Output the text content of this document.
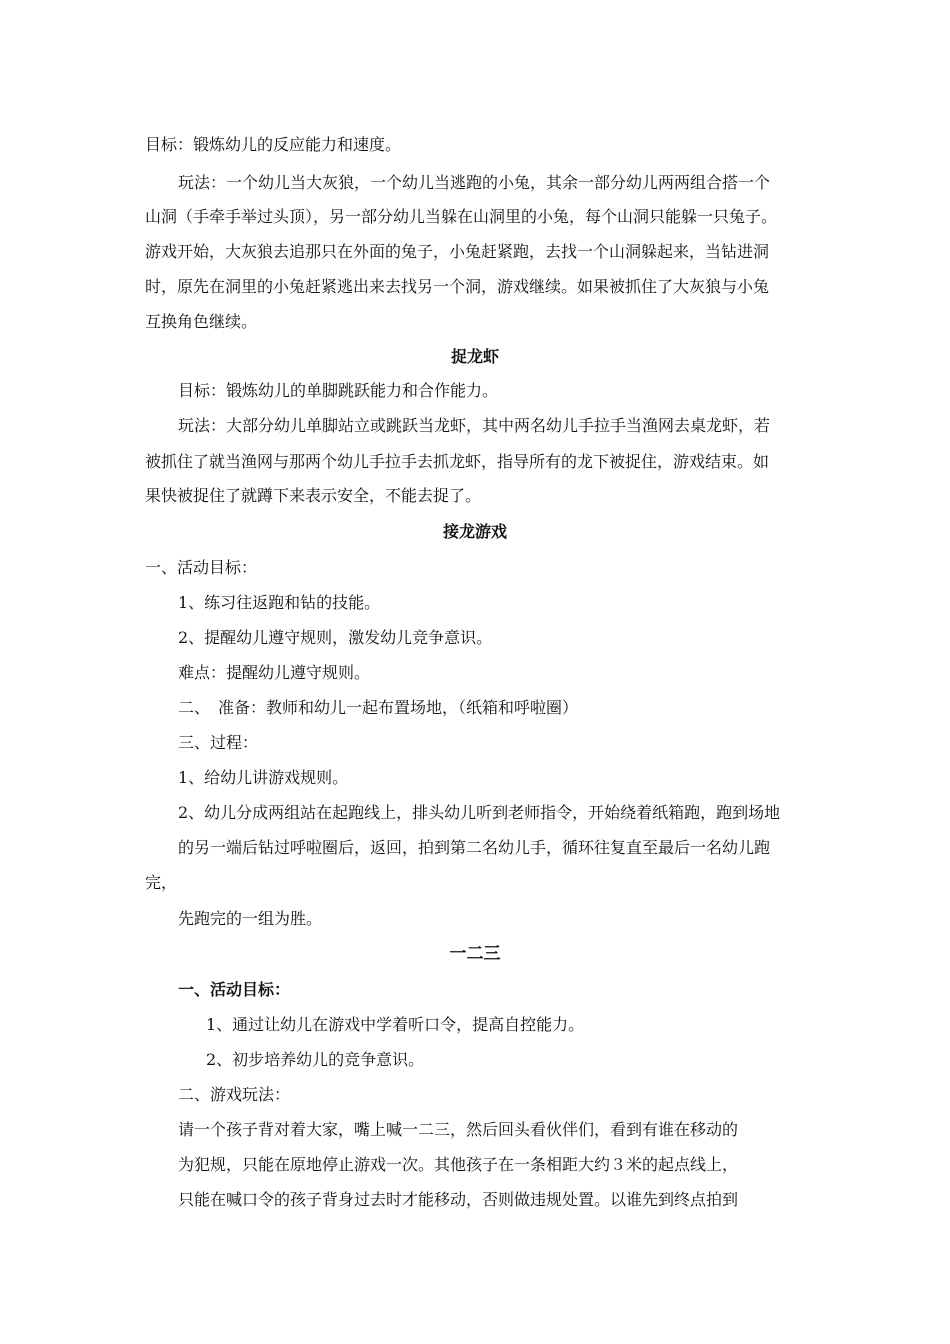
目标：锻炼幼儿的反应能力和速度。
玩法：一个幼儿当大灰狼，一个幼儿当逃跑的小兔，其余一部分幼儿两两组合搭一个
山洞（手牵手举过头顶），另一部分幼儿当躲在山洞里的小兔，每个山洞只能躲一只兔子。
游戏开始，大灰狼去追那只在外面的兔子，小兔赶紧跑，去找一个山洞躲起来，当钻进洞
时，原先在洞里的小兔赶紧逃出来去找另一个洞，游戏继续。如果被抓住了大灰狼与小兔
互换角色继续。
捉龙虾
目标：锻炼幼儿的单脚跳跃能力和合作能力。
玩法：大部分幼儿单脚站立或跳跃当龙虾，其中两名幼儿手拉手当渔网去桌龙虾，若
被抓住了就当渔网与那两个幼儿手拉手去抓龙虾，指导所有的龙下被捉住，游戏结束。如
果快被捉住了就蹲下来表示安全，不能去捉了。
接龙游戏
一、活动目标：
1、练习往返跑和钻的技能。
2、提醒幼儿遵守规则，激发幼儿竞争意识。
难点：提醒幼儿遵守规则。
二、　准备：教师和幼儿一起布置场地，（纸箱和呼啦圈）
三、过程：
1、给幼儿讲游戏规则。
2、幼儿分成两组站在起跑线上，排头幼儿听到老师指令，开始绕着纸箱跑，跑到场地
的另一端后钻过呼啦圈后，返回，拍到第二名幼儿手，循环往复直至最后一名幼儿跑
完，
先跑完的一组为胜。
一二三
一、活动目标：
1、通过让幼儿在游戏中学着听口令，提高自控能力。
2、初步培养幼儿的竞争意识。
二、游戏玩法：
请一个孩子背对着大家，嘴上喊一二三，然后回头看伙伴们，看到有谁在移动的
为犯规，只能在原地停止游戏一次。其他孩子在一条相距大约３米的起点线上，
只能在喊口令的孩子背身过去时才能移动，否则做违规处置。以谁先到终点拍到
